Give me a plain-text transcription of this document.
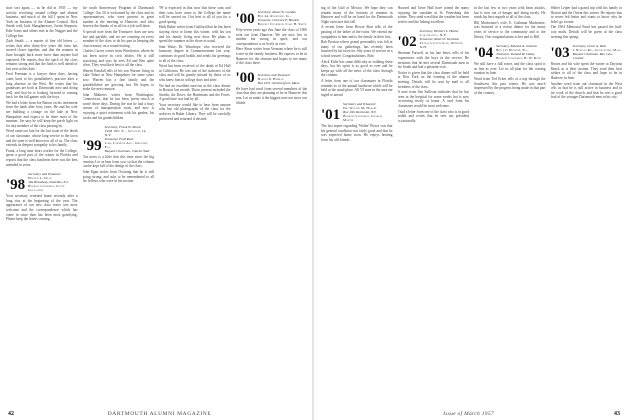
tract sort again — as he did in 1935 — my activity revolving around college and alumni business, and much of the fall I spent in New York on business of the Alumni Council. Dick Smith with Jack Shaughnessey, Justin Simpson, Edie Jones and others met at the Nugget and the College Inn.

Zach Smith — a master of fine old letters — writes that after thirty-five years the class has moved closer together, and that the reunion in June brought back more faces than anyone had expected. He reports that the spirit of the class remains strong and that the fund is well ahead of last year at this date.

Fred Freeman is a lawyer these days, having come back to his grandfather's practice after a long absence in the West. He writes that his grandsons are both at Dartmouth now and doing well, and that he is looking forward to coming back for the fall games with the boys.

We had a letter from Joe Barton on his retirement from the bank after forty years. He and his wife are building a cottage on the lake in New Hampshire and expect to be there most of the summer. Joe says he will keep the porch light on for any member of the class passing by.

Word came too late for the last issue of the death of our classmate, whose long service to the town and the state is well known to all of us. The class extends its deepest sympathy to his family.

Frank, a long time heart worker for the College, spent a good part of the winter in Florida and reports that the class luncheon there was the best attended in years.

'98
Secretary and Treasurer
Harold L. Dean
49a Broadway, Dunellen, N.J.
Bequest Chairman, Justin Gallagher

Your secretary returned home recently after a long stay at the beginning of the year. The appearance of our new class roster was most welcome and the correspondence which has come in since then has been most gratifying. Please keep the letters coming.

the south Anniversary Program of Dartmouth College. Our 50 is welcomed by the class and its representatives, who were present in great number at the meeting in Hanover, and who deserve the thanks of us all for a job well done.

A special note from the Treasurer: dues are now due and payable, and we are counting on every member of the class to do his part in keeping the class treasury on a sound footing.

Charles Carver writes from Winchester, where he has been active in civic affairs. He is still practicing and says he sees Ed and Ben quite often. They send their best to all the class.

Warren Kendall tells of his son Warren living in Lake Tahoe in New Hampshire for some years now. Warren has a fine family and the grandchildren are growing fast. He hopes to make the next reunion.

John Mathews writes from Washington, Connecticut, that he has been 'pretty much at home' these days. During the war he had a busy season of transportation work, and now is enjoying a quiet retirement with his garden, his books and his grandchildren.

'99
Secretary, Frank W. Morse
1958 18th St., Syracuse 14, N.Y.
Treasurer, Ford Rosé
Lake Carnegie Ave., Orlando, Fla.
Bequest Chairman, Charles Wait

Our news is a little thin this time since the big reunion. Let us hear from you, so that the column can be kept full of the doings of the class.

John Egan writes from Ossining that he is still going strong, and asks to be remembered to all the fellows who were in his section.

'99 is expected in that now that these sons and their sons have come to the College the name will be carried on. Our best to all of you for a good spring.

Herb Baker writes from Guilford that he has been staying close to home this winter, with his son and his family living next door. He plans to spend the summer at the shore as usual.

Sam Waite, Dr. Wauchope, who received the honorary degree at Commencement last year, continues in good health and sends his greetings to all of the class.

Word has been received of the death of Ed Hall in California. He was one of the stalwarts of the class and will be greatly missed by those of us who knew him in college days and after.

We had an excellent turn-out at the class dinner in Boston last month. Those present included the Smiths, the Dows, the Harrimans and the Foxes. A good time was had by all.

Your secretary would like to hear from anyone who has old photographs of the class for the archives in Baker Library. They will be carefully preserved and returned if desired.

'00 Secretary, Albert W. Gordon
Box 44, Rockford, Ill.
Treasurer, Clarence F. Bennett
Bequest Chairman, Carl H. Smith

Fifty-seven years ago this June the class of 1900 went out from Hanover. We are now few in number but strong in spirit, and our correspondence is as lively as ever.

Merv Shaw writes from Vermont where he is still active in the family business. He expects to be in Hanover for the reunion and hopes to see many of the class there.

'00 Secretary and Treasurer
Harold P. Hinman
Box 1031, Newburyport, Mass.

We have had word from several members of the class that they are planning to be in Hanover this year. Let us make it the biggest turn-out since our fiftieth.

42	DARTMOUTH ALUMNI MAGAZINE

ing of the Gulf of Mexico. We hope they can remain many of the fortunes of summer in Hanover and will be on hand for the Dartmouth Night exercises this fall.

A recent letter from Howie Burt tells of the passing of the father of the twins. We extend our sympathies to him and to the family in their loss.

Bob Preston whose genial personality was felt at many of our gatherings, has recently been honored by his town for fifty years of service as a school trustee. Congratulations, Bob.

Aleck Ettlie has some difficulty in walking these days, but his spirit is as good as ever and he keeps up with all the news of the class through the column.

A letter from one of our classmates in Florida reminds us of the annual luncheon which will be held at the usual place. All '01 men in the area are urged to attend.

'01
Secretary and Treasurer
Dr. Walter M. Hobart
Box 100, Rochester, N.Y.
Bequest Chairman, Charles Martin

The last report regarding 'Walter' Pierce was that his general condition was fairly good and that he was expected home soon. He enjoys hearing from his old friends.

Howard and Gene Hall have joined the many enjoying the sunshine at St. Petersburg this winter. They send word that the weather has been perfect and the fishing excellent.

'02
Secretary, Herbert L. Hunter
Canandaigua, N.Y.
Treasurer, Albert E. Keniston
42 Lafayette Circle, Winsted, N.H.

Sherman Farwell, in his late letter, tells of his experiences with the boys in the service. He mentions that he met several Dartmouth men in the South and had a pleasant visit.

Notice is given that the class dinner will be held in New York on the evening of the alumni meeting. Details will be sent by mail to all members of the class.

A note from Jim Sullivan indicates that he has been in the hospital for some weeks but is now recovering nicely at home. A card from his classmates would be most welcome.

I had a letter from one of the class who is in good health and writes that he sees our president occasionally.

in the last few or two years with heart attacks, but is now out of danger and doing nicely. He sends his best regards to all of the class.

Bill Mackenzie's wife, E. Cushman Mackenzie, was honored at a recent dinner for her many years of service to the community and to the library. Our congratulations to her and to Bill.

'04 Secretary, Edward A. Johnson
Box 12, Dunedin, Fla.
Treasurer, Donald M. Oakey
Bequest Chairman, H. W. Roth

We still have a full roster, and the class spirit is as fine as ever. Let us all plan for the coming reunion in June.

Word from Ted Ecker tells of a trip through the Southwest this past winter. He was much impressed by the progress being made in that part of the country.

Walter Leiper had a grand trip with his family to Hawaii and the Orient this winter. He reports that he never felt better and wants to know why he didn't go sooner.

The 1904 Memorial Fund has passed the half-way mark. Details will be given at the class meeting this spring.

'03 Secretary, Oscar A. Rich
2 Nichols Rd., Gloucester, Mass.
Bequest Chairman, Rev. Geo. Crocker

Brown and his wife spent the winter at Daytona Beach as is their custom. They send their best wishes to all of the class and hope to be in Hanover in June.

Another word from our classmate in the West tells us that he is still active in business and in the work of the church, and that he sees a good deal of the younger Dartmouth men in his city.

Issue of March 1957	43
